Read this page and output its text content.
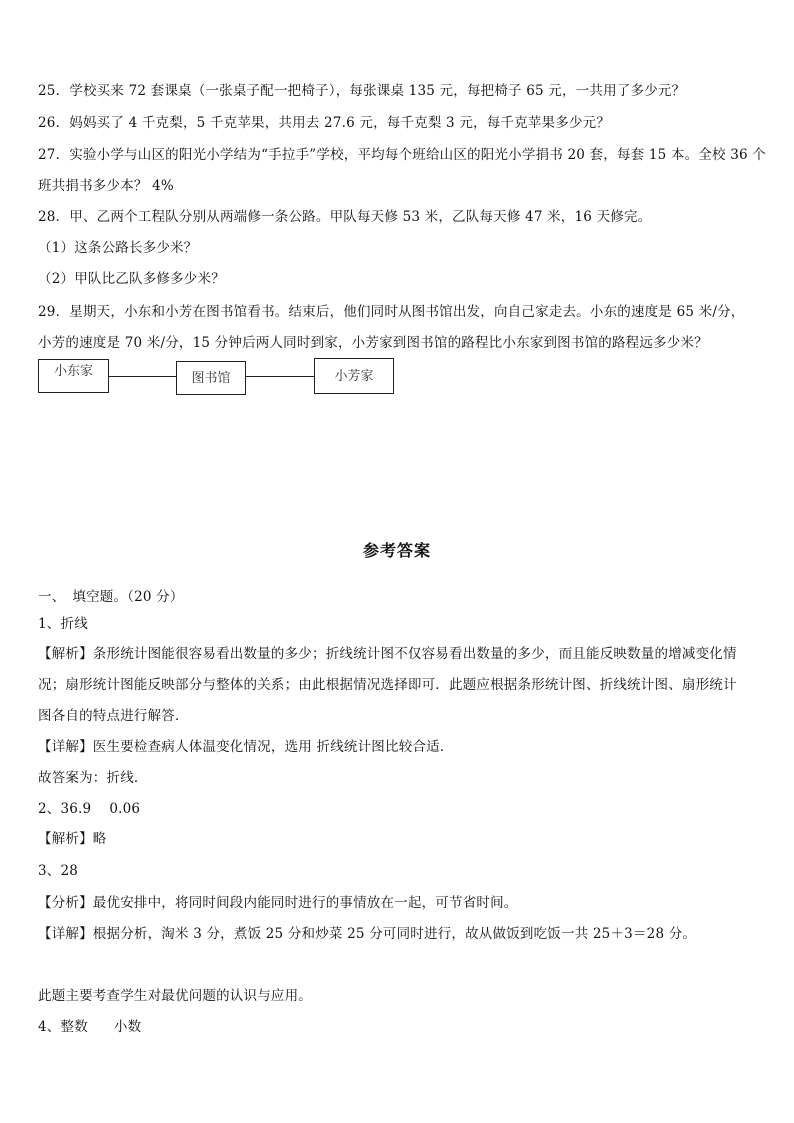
25．学校买来 72 套课桌（一张桌子配一把椅子），每张课桌 135 元，每把椅子 65 元，一共用了多少元？
26．妈妈买了 4 千克梨，5 千克苹果，共用去 27.6 元，每千克梨 3 元，每千克苹果多少元？
27．实验小学与山区的阳光小学结为“手拉手”学校，平均每个班给山区的阳光小学捐书 20 套，每套 15 本。全校 36 个
班共捐书多少本？ 4%
28．甲、乙两个工程队分别从两端修一条公路。甲队每天修 53 米，乙队每天修 47 米，16 天修完。
（1）这条公路长多少米？
（2）甲队比乙队多修多少米？
29．星期天，小东和小芳在图书馆看书。结束后，他们同时从图书馆出发，向自己家走去。小东的速度是 65 米/分，
小芳的速度是 70 米/分，15 分钟后两人同时到家，小芳家到图书馆的路程比小东家到图书馆的路程远多少米？
小东家	图书馆	小芳家
参考答案
一、　填空题。（20 分）
1、折线
【解析】条形统计图能很容易看出数量的多少；折线统计图不仅容易看出数量的多少，而且能反映数量的增减变化情
况；扇形统计图能反映部分与整体的关系；由此根据情况选择即可．此题应根据条形统计图、折线统计图、扇形统计
图各自的特点进行解答．
【详解】医生要检查病人体温变化情况，选用 折线统计图比较合适．
故答案为：折线．
2、36.9 0.06
【解析】略
3、28
【分析】最优安排中，将同时间段内能同时进行的事情放在一起，可节省时间。
【详解】根据分析，淘米 3 分，煮饭 25 分和炒菜 25 分可同时进行，故从做饭到吃饭一共 25＋3＝28 分。
此题主要考查学生对最优问题的认识与应用。
4、整数 小数
